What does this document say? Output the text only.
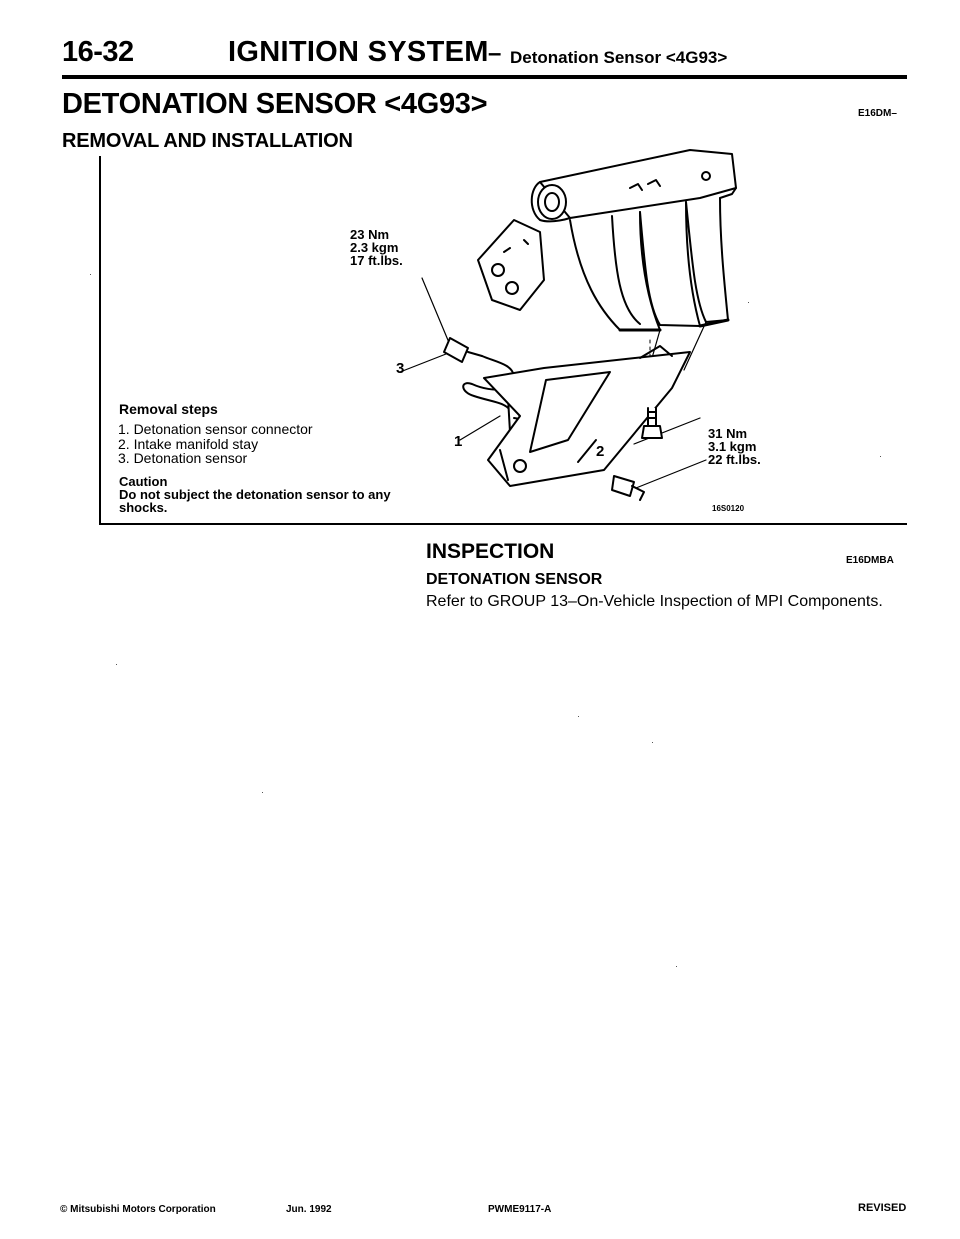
16-32	IGNITION SYSTEM – Detonation Sensor <4G93>
DETONATION SENSOR <4G93>	E16DM–
REMOVAL AND INSTALLATION
23 Nm
2.3 kgm
17 ft.lbs.
31 Nm
3.1 kgm
22 ft.lbs.
3
1
2
16S0120
Removal steps
1. Detonation sensor connector
2. Intake manifold stay
3. Detonation sensor
Caution
Do not subject the detonation sensor to any
shocks.
INSPECTION	E16DMBA
DETONATION SENSOR
Refer to GROUP 13–On-Vehicle Inspection of MPI Components.
© Mitsubishi Motors Corporation	Jun. 1992	PWME9117-A	REVISED
